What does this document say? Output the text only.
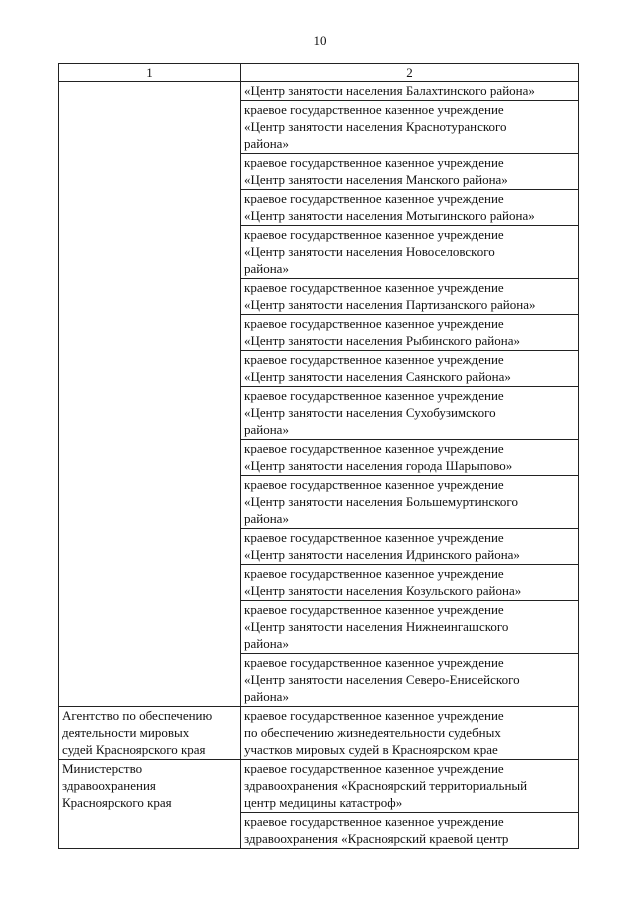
10
1	2
	«Центр занятости населения Балахтинского района»
	краевое государственное казенное учреждение
«Центр занятости населения Краснотуранского
района»
	краевое государственное казенное учреждение
«Центр занятости населения Манского района»
	краевое государственное казенное учреждение
«Центр занятости населения Мотыгинского района»
	краевое государственное казенное учреждение
«Центр занятости населения Новоселовского
района»
	краевое государственное казенное учреждение
«Центр занятости населения Партизанского района»
	краевое государственное казенное учреждение
«Центр занятости населения Рыбинского района»
	краевое государственное казенное учреждение
«Центр занятости населения Саянского района»
	краевое государственное казенное учреждение
«Центр занятости населения Сухобузимского
района»
	краевое государственное казенное учреждение
«Центр занятости населения города Шарыпово»
	краевое государственное казенное учреждение
«Центр занятости населения Большемуртинского
района»
	краевое государственное казенное учреждение
«Центр занятости населения Идринского района»
	краевое государственное казенное учреждение
«Центр занятости населения Козульского района»
	краевое государственное казенное учреждение
«Центр занятости населения Нижнеингашского
района»
	краевое государственное казенное учреждение
«Центр занятости населения Северо-Енисейского
района»
Агентство по обеспечению
деятельности мировых
судей Красноярского края	краевое государственное казенное учреждение
по обеспечению жизнедеятельности судебных
участков мировых судей в Красноярском крае
Министерство
здравоохранения
Красноярского края	краевое государственное казенное учреждение
здравоохранения «Красноярский территориальный
центр медицины катастроф»
	краевое государственное казенное учреждение
здравоохранения «Красноярский краевой центр
